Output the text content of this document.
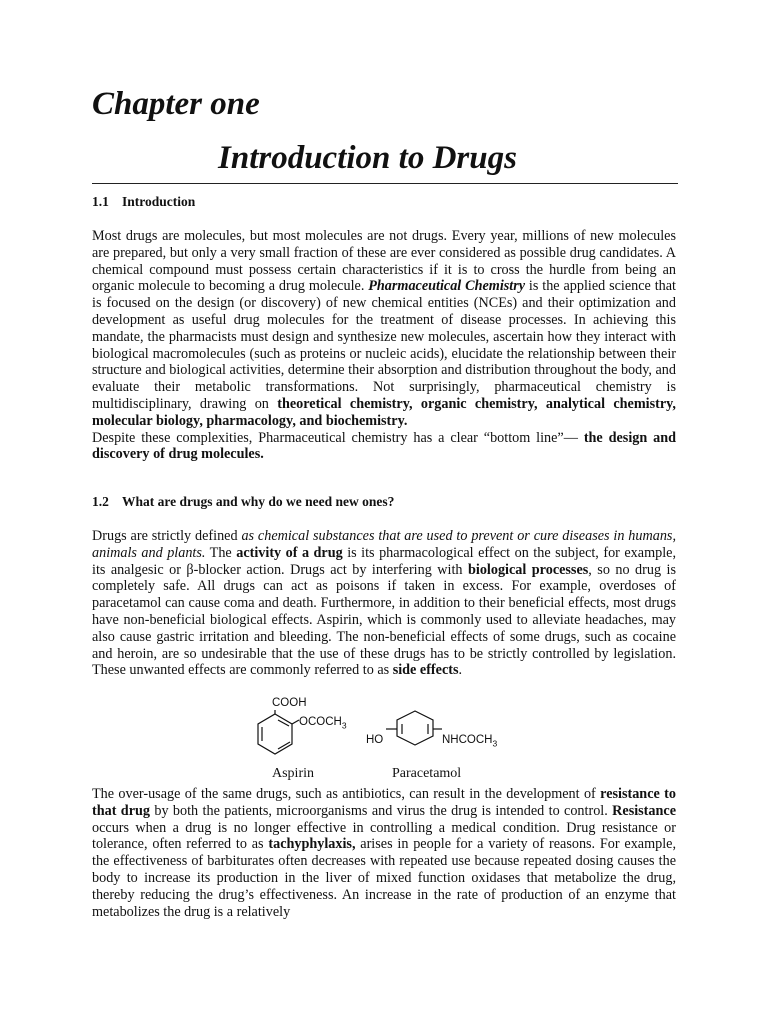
Chapter one
Introduction to Drugs
1.1 Introduction

Most drugs are molecules, but most molecules are not drugs. Every year, millions of new molecules are prepared, but only a very small fraction of these are ever considered as possible drug candidates. A chemical compound must possess certain characteristics if it is to cross the hurdle from being an organic molecule to becoming a drug molecule. Pharmaceutical Chemistry is the applied science that is focused on the design (or discovery) of new chemical entities (NCEs) and their optimization and development as useful drug molecules for the treatment of disease processes. In achieving this mandate, the pharmacists must design and synthesize new molecules, ascertain how they interact with biological macromolecules (such as proteins or nucleic acids), elucidate the relationship between their structure and biological activities, determine their absorption and distribution throughout the body, and evaluate their metabolic transformations. Not surprisingly, pharmaceutical chemistry is multidisciplinary, drawing on theoretical chemistry, organic chemistry, analytical chemistry, molecular biology, pharmacology, and biochemistry.
Despite these complexities, Pharmaceutical chemistry has a clear “bottom line”— the design and discovery of drug molecules.

1.2 What are drugs and why do we need new ones?

Drugs are strictly defined as chemical substances that are used to prevent or cure diseases in humans, animals and plants. The activity of a drug is its pharmacological effect on the subject, for example, its analgesic or β-blocker action. Drugs act by interfering with biological processes, so no drug is completely safe. All drugs can act as poisons if taken in excess. For example, overdoses of paracetamol can cause coma and death. Furthermore, in addition to their beneficial effects, most drugs have non-beneficial biological effects. Aspirin, which is commonly used to alleviate headaches, may also cause gastric irritation and bleeding. The non-beneficial effects of some drugs, such as cocaine and heroin, are so undesirable that the use of these drugs has to be strictly controlled by legislation. These unwanted effects are commonly referred to as side effects.

COOH
$OCOCH_3$
HO	$NHCOCH_3$
Aspirin	Paracetamol

The over-usage of the same drugs, such as antibiotics, can result in the development of resistance to that drug by both the patients, microorganisms and virus the drug is intended to control. Resistance occurs when a drug is no longer effective in controlling a medical condition. Drug resistance or tolerance, often referred to as tachyphylaxis, arises in people for a variety of reasons. For example, the effectiveness of barbiturates often decreases with repeated use because repeated dosing causes the body to increase its production in the liver of mixed function oxidases that metabolize the drug, thereby reducing the drug’s effectiveness. An increase in the rate of production of an enzyme that metabolizes the drug is a relatively
